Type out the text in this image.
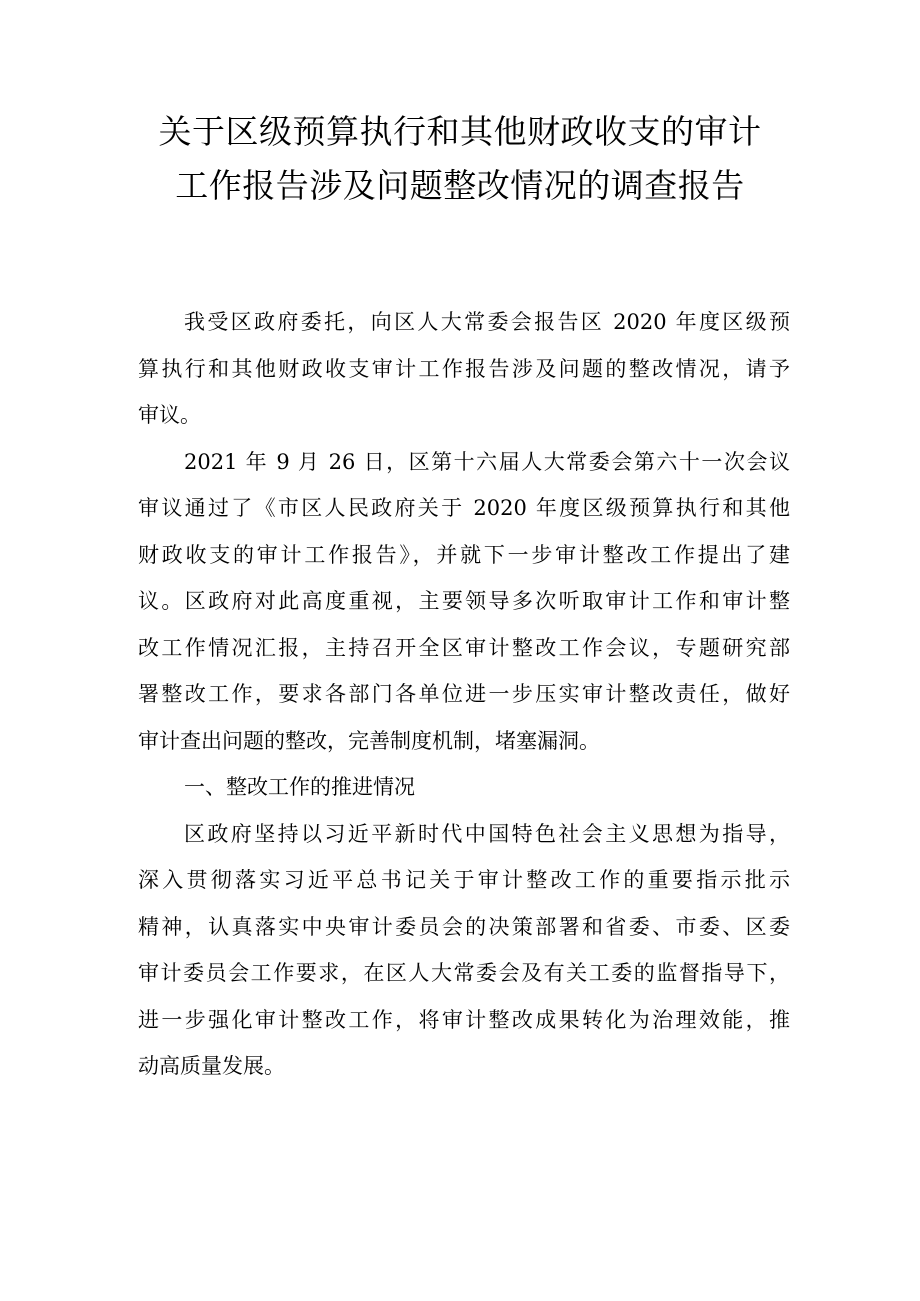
关于区级预算执行和其他财政收支的审计
工作报告涉及问题整改情况的调查报告
我受区政府委托，向区人大常委会报告区 2020 年度区级预
算执行和其他财政收支审计工作报告涉及问题的整改情况，请予
审议。
2021 年 9 月 26 日，区第十六届人大常委会第六十一次会议
审议通过了《市区人民政府关于 2020 年度区级预算执行和其他
财政收支的审计工作报告》，并就下一步审计整改工作提出了建
议。区政府对此高度重视，主要领导多次听取审计工作和审计整
改工作情况汇报，主持召开全区审计整改工作会议，专题研究部
署整改工作，要求各部门各单位进一步压实审计整改责任，做好
审计查出问题的整改，完善制度机制，堵塞漏洞。
一、整改工作的推进情况
区政府坚持以习近平新时代中国特色社会主义思想为指导，
深入贯彻落实习近平总书记关于审计整改工作的重要指示批示
精神，认真落实中央审计委员会的决策部署和省委、市委、区委
审计委员会工作要求，在区人大常委会及有关工委的监督指导下，
进一步强化审计整改工作，将审计整改成果转化为治理效能，推
动高质量发展。
